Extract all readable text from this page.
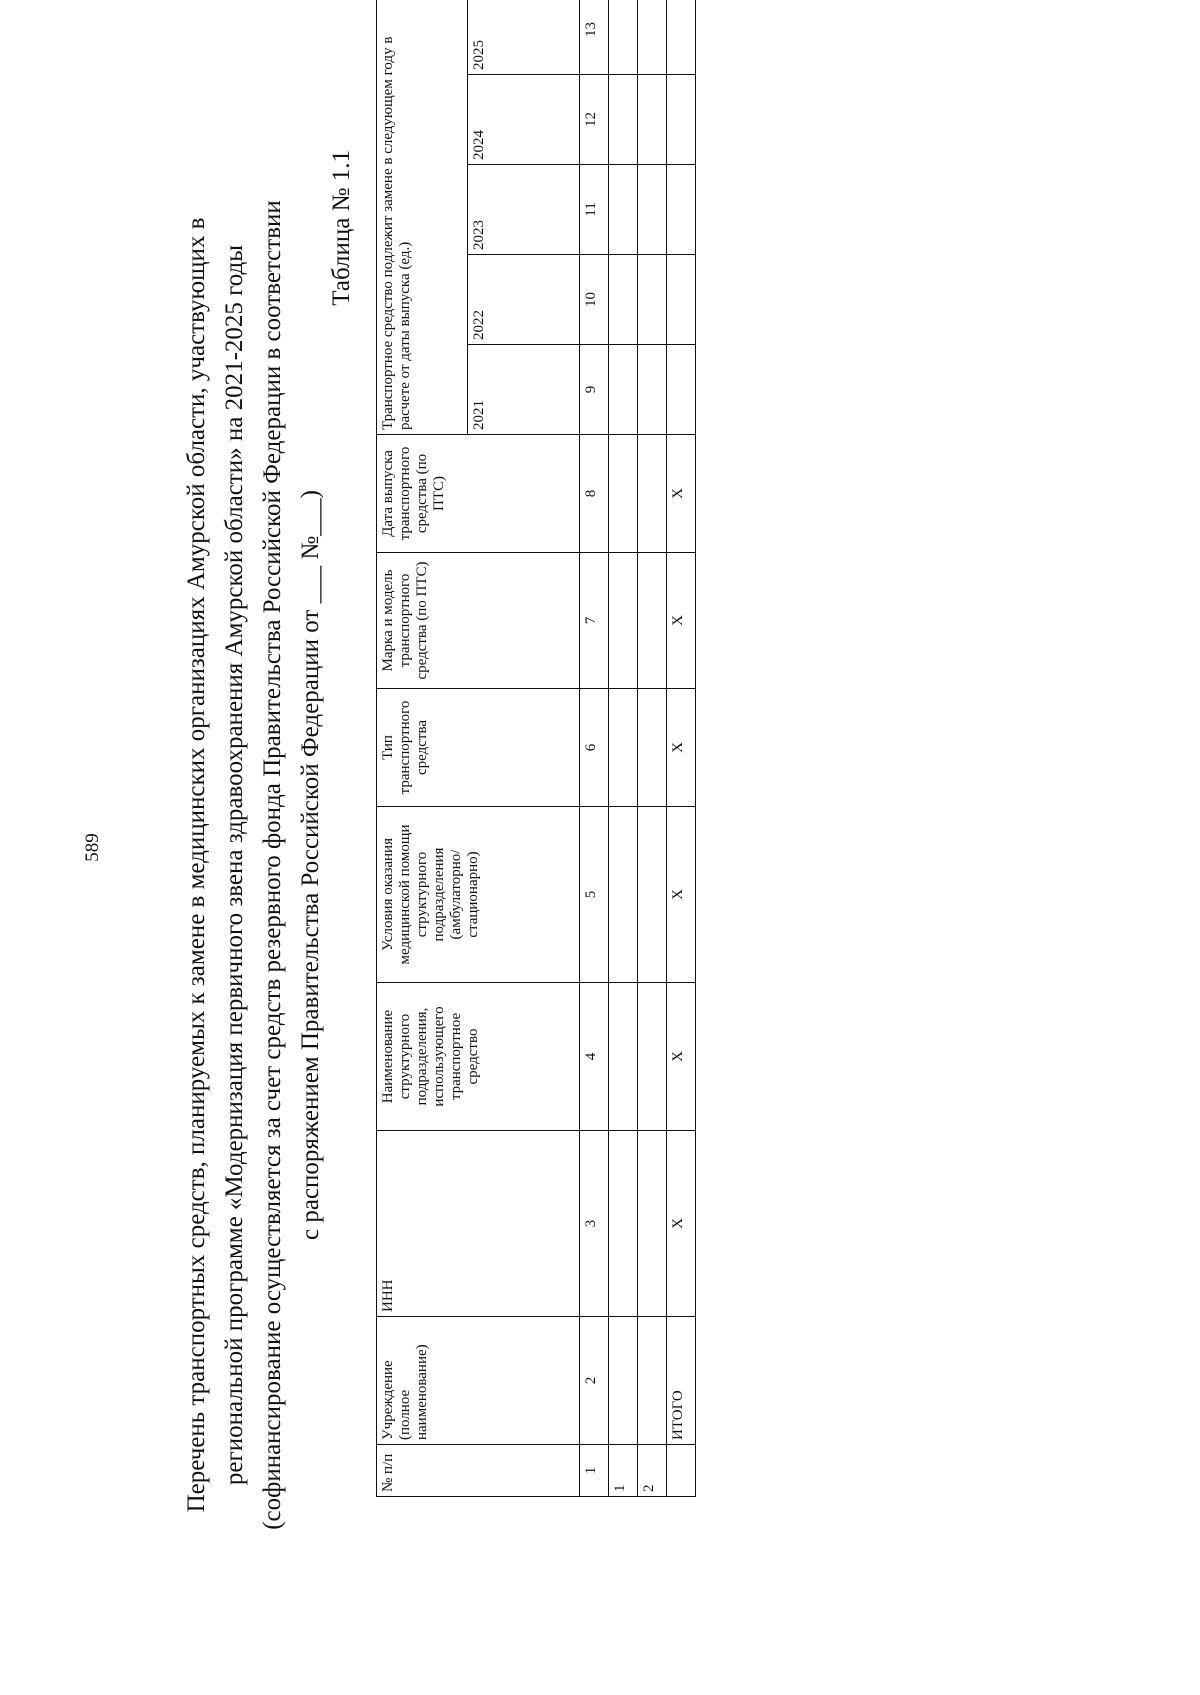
589	Перечень транспортных средств, планируемых к замене в медицинских организациях Амурской области, участвующих в региональной программе «Модернизация первичного звена здравоохранения Амурской области» на 2021-2025 годы (софинансирование осуществляется за счет средств резервного фонда Правительства Российской Федерации в соответствии с распоряжением Правительства Российской Федерации от ___ №___)
Таблица № 1.1
№ п/п	Учреждение (полное наименование)	ИНН	Наименование структурного подразделения, использующего транспортное средство	Условия оказания медицинской помощи структурного подразделения (амбулаторно/стационарно)	Тип транспортного средства	Марка и модель транспортного средства (по ПТС)	Дата выпуска транспортного средства (по ПТС)	Транспортное средство подлежит замене в следующем году в расчете от даты выпуска (ед.)				
								2021	2022	2023	2024	2025
1	2	3	4	5	6	7	8	9	10	11	12	13
1												
2												
	ИТОГО	Х	Х	Х	Х	Х	Х					
